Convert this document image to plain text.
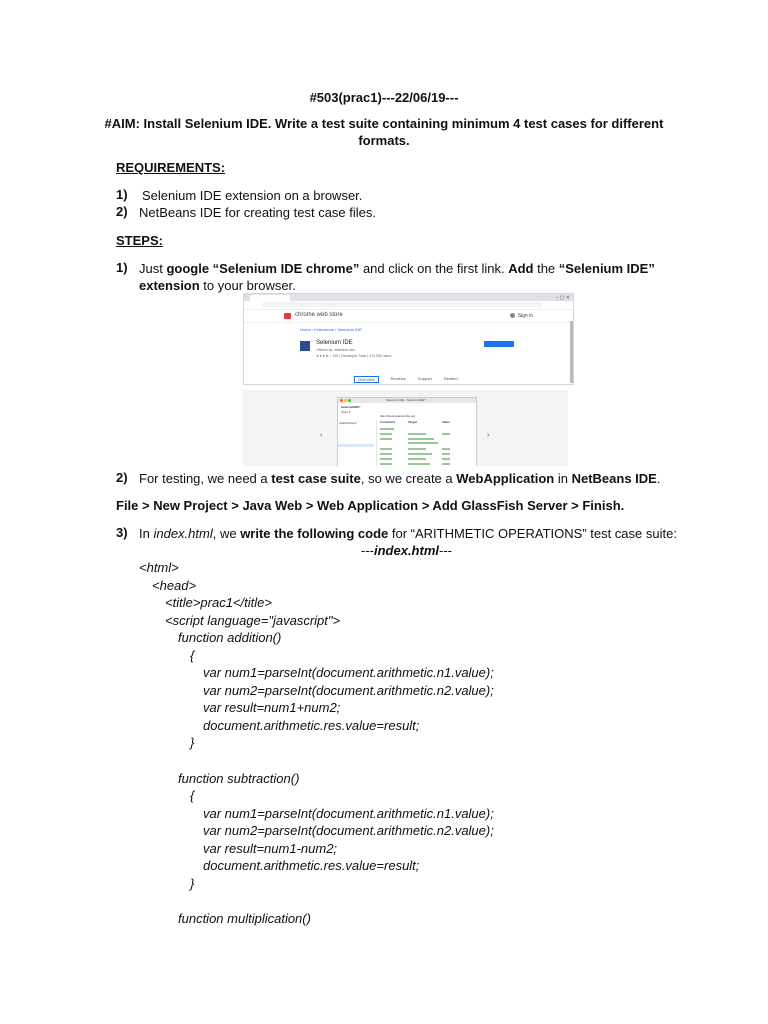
#503(prac1)---22/06/19---
#AIM: Install Selenium IDE. Write a test suite containing minimum 4 test cases for different
formats.
REQUIREMENTS:
1) Selenium IDE extension on a browser.
2) NetBeans IDE for creating test case files.
STEPS:
1) Just google “Selenium IDE chrome” and click on the first link. Add the “Selenium IDE”
extension to your browser.
– ▢ ✕
chrome web store	Sign in
Home › Extensions › Selenium IDE
Selenium IDE
Offered by: selenium.dev
★★★★☆ 151 | Developer Tools | 274,000 users
Overview	Reviews	Support	Related
‹	›
Selenium IDE - SeleniumIDE*
SeleniumIDE*
Tests ▾
http://www.seleniumhq.org
Untitled Project*	Command	Target	Value
2) For testing, we need a test case suite, so we create a WebApplication in NetBeans IDE.
File > New Project > Java Web > Web Application > Add GlassFish Server > Finish.
3) In index.html, we write the following code for “ARITHMETIC OPERATIONS” test case suite:
---index.html---
<html>
<head>
<title>prac1</title>
<script language="javascript">
function addition()
{
var num1=parseInt(document.arithmetic.n1.value);
var num2=parseInt(document.arithmetic.n2.value);
var result=num1+num2;
document.arithmetic.res.value=result;
}
function subtraction()
{
var num1=parseInt(document.arithmetic.n1.value);
var num2=parseInt(document.arithmetic.n2.value);
var result=num1-num2;
document.arithmetic.res.value=result;
}
function multiplication()
